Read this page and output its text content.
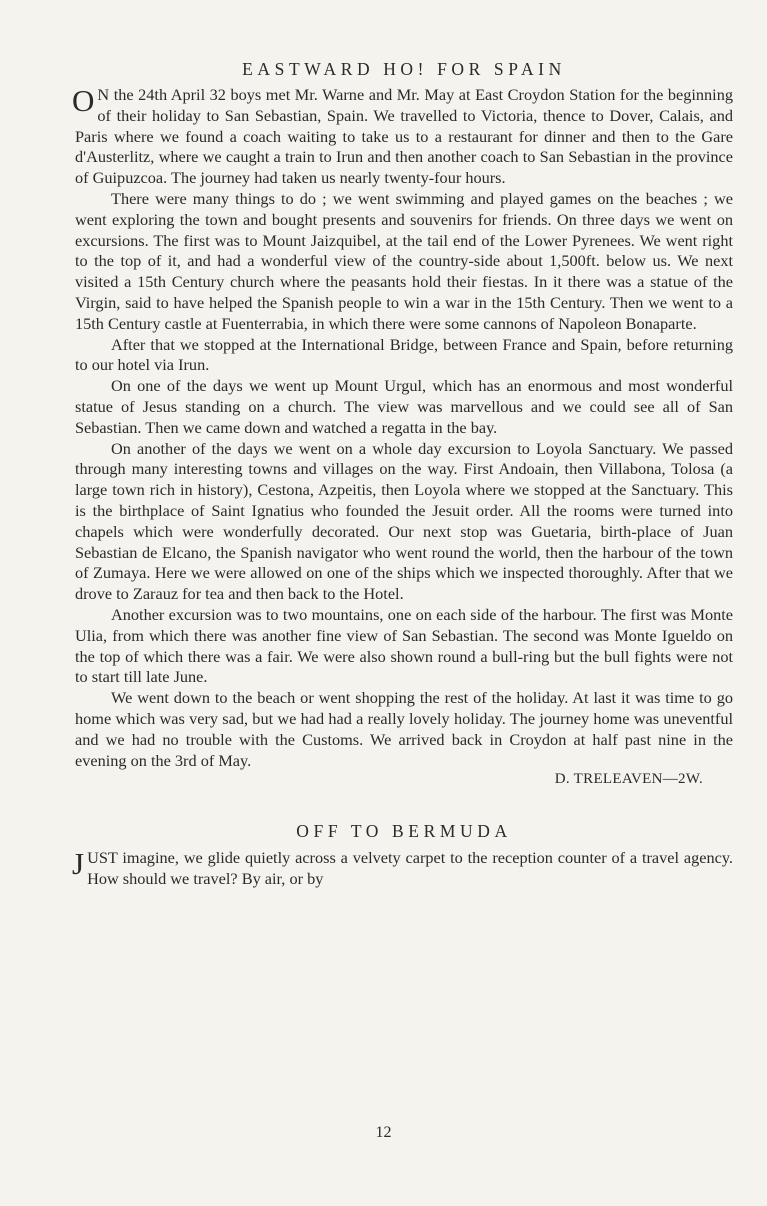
EASTWARD HO! FOR SPAIN

O N the 24th April 32 boys met Mr. Warne and Mr. May at East Croydon Station for the beginning of their holiday to San Sebastian, Spain. We travelled to Victoria, thence to Dover, Calais, and Paris where we found a coach waiting to take us to a restaurant for dinner and then to the Gare d'Austerlitz, where we caught a train to Irun and then another coach to San Sebastian in the province of Guipuzcoa. The journey had taken us nearly twenty-four hours.

There were many things to do ; we went swimming and played games on the beaches ; we went exploring the town and bought presents and souvenirs for friends. On three days we went on excursions. The first was to Mount Jaizquibel, at the tail end of the Lower Pyrenees. We went right to the top of it, and had a wonderful view of the country-side about 1,500ft. below us. We next visited a 15th Century church where the peasants hold their fiestas. In it there was a statue of the Virgin, said to have helped the Spanish people to win a war in the 15th Century. Then we went to a 15th Century castle at Fuenterrabia, in which there were some cannons of Napoleon Bonaparte.

After that we stopped at the International Bridge, between France and Spain, before returning to our hotel via Irun.

On one of the days we went up Mount Urgul, which has an enormous and most wonderful statue of Jesus standing on a church. The view was marvellous and we could see all of San Sebastian. Then we came down and watched a regatta in the bay.

On another of the days we went on a whole day excursion to Loyola Sanctuary. We passed through many interesting towns and villages on the way. First Andoain, then Villabona, Tolosa (a large town rich in history), Cestona, Azpeitis, then Loyola where we stopped at the Sanctuary. This is the birthplace of Saint Ignatius who founded the Jesuit order. All the rooms were turned into chapels which were wonderfully decorated. Our next stop was Guetaria, birth-place of Juan Sebastian de Elcano, the Spanish navigator who went round the world, then the harbour of the town of Zumaya. Here we were allowed on one of the ships which we inspected thoroughly. After that we drove to Zarauz for tea and then back to the Hotel.

Another excursion was to two mountains, one on each side of the harbour. The first was Monte Ulia, from which there was another fine view of San Sebastian. The second was Monte Igueldo on the top of which there was a fair. We were also shown round a bull-ring but the bull fights were not to start till late June.

We went down to the beach or went shopping the rest of the holiday. At last it was time to go home which was very sad, but we had had a really lovely holiday. The journey home was uneventful and we had no trouble with the Customs. We arrived back in Croydon at half past nine in the evening on the 3rd of May.

D. TRELEAVEN—2W.
OFF TO BERMUDA

JUST imagine, we glide quietly across a velvety carpet to the reception counter of a travel agency. How should we travel? By air, or by

12
